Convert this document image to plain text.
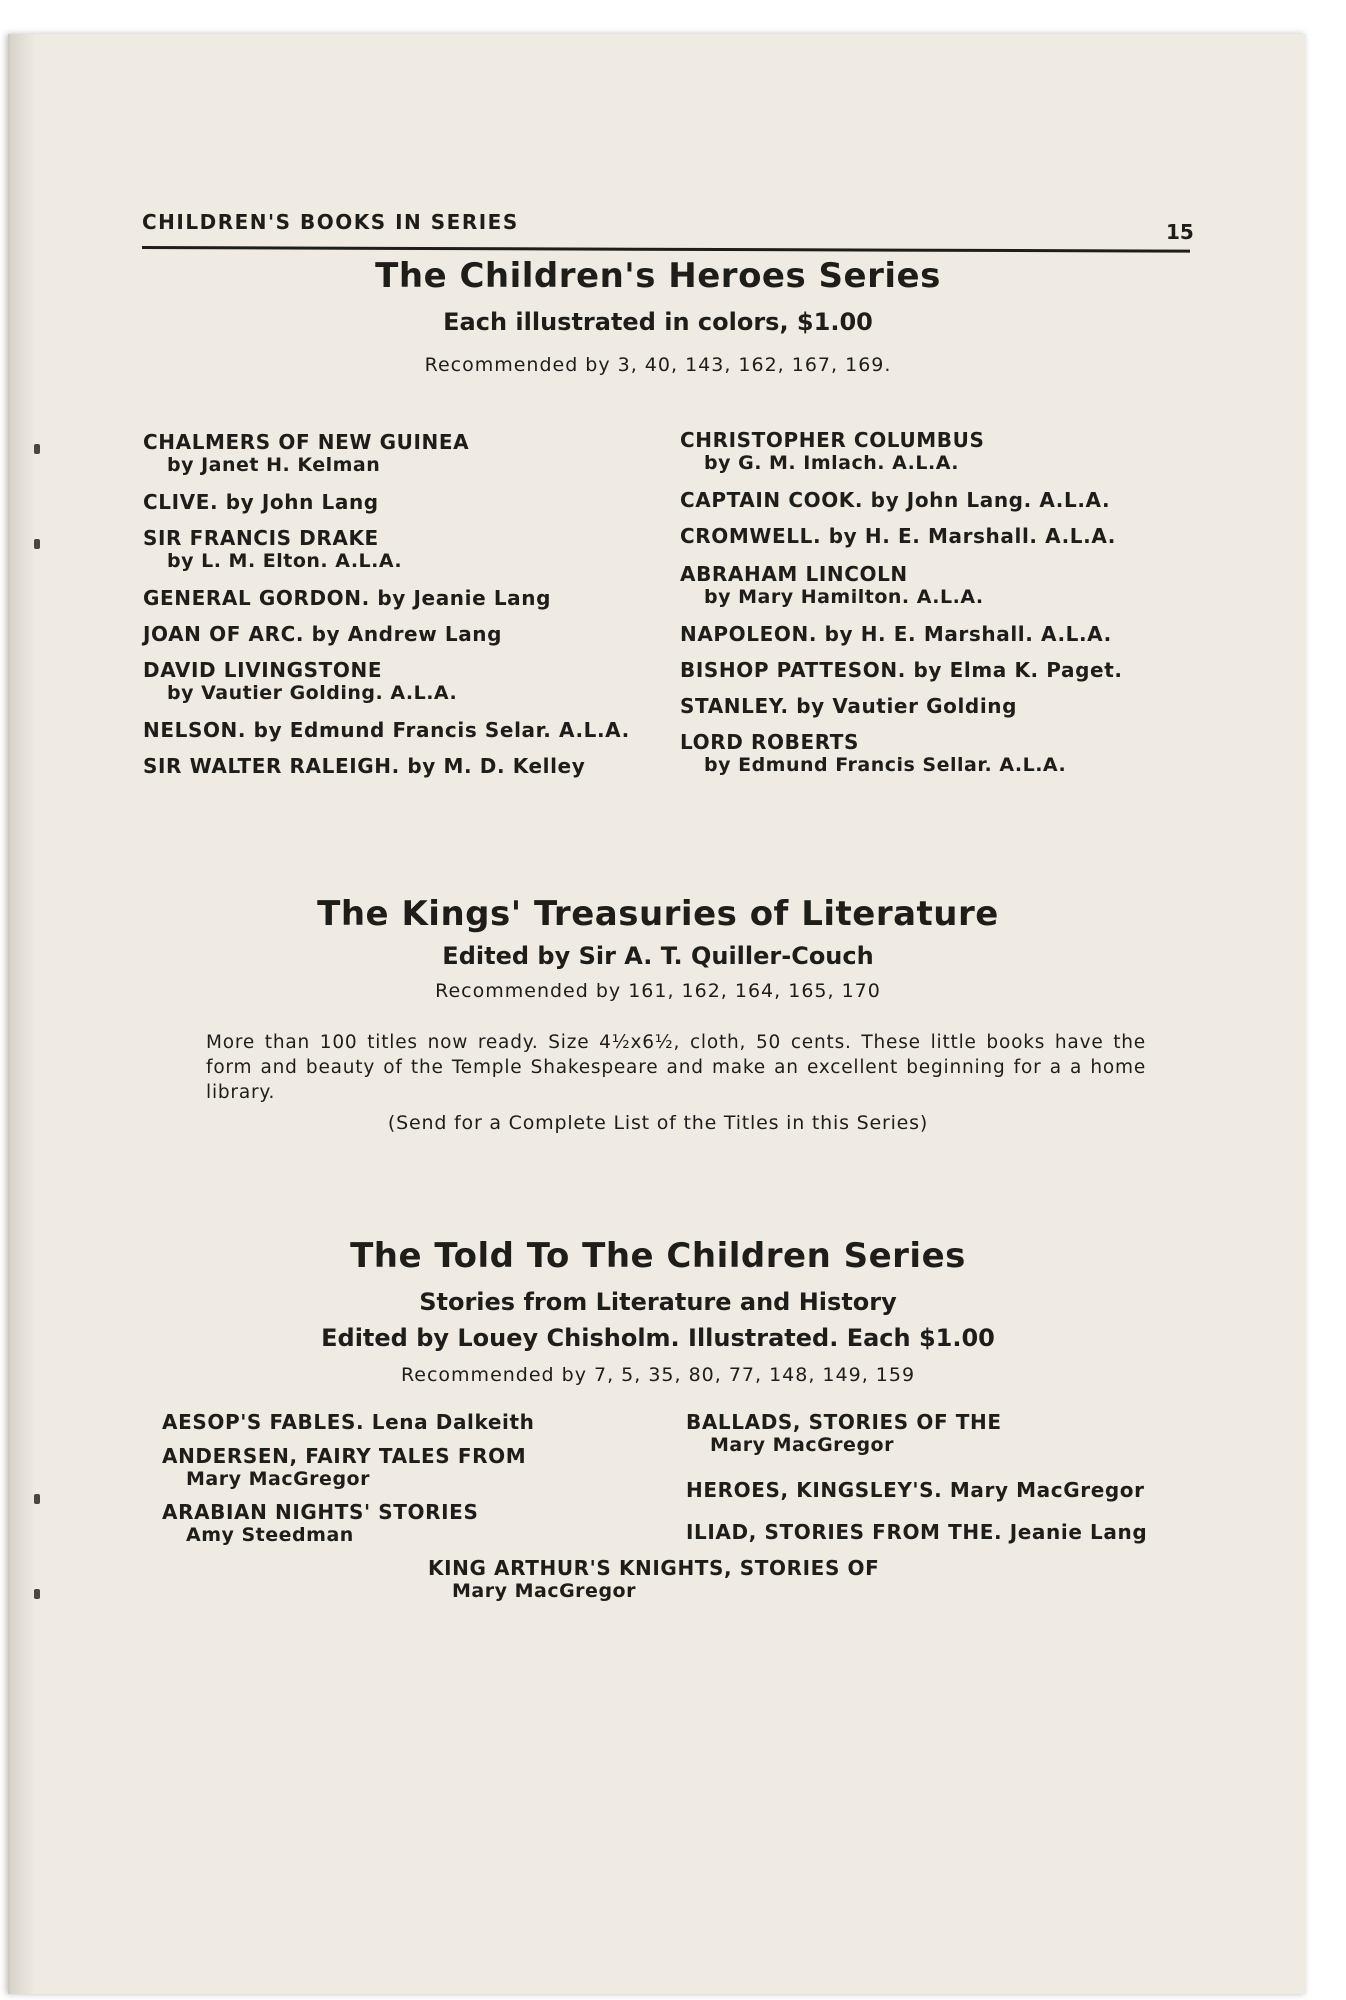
CHILDREN'S BOOKS IN SERIES	15
The Children's Heroes Series
Each illustrated in colors, $1.00
Recommended by 3, 40, 143, 162, 167, 169.
CHALMERS OF NEW GUINEA
by Janet H. Kelman
CLIVE. by John Lang
SIR FRANCIS DRAKE
by L. M. Elton. A.L.A.
GENERAL GORDON. by Jeanie Lang
JOAN OF ARC. by Andrew Lang
DAVID LIVINGSTONE
by Vautier Golding. A.L.A.
NELSON. by Edmund Francis Selar. A.L.A.
SIR WALTER RALEIGH. by M. D. Kelley
CHRISTOPHER COLUMBUS
by G. M. Imlach. A.L.A.
CAPTAIN COOK. by John Lang. A.L.A.
CROMWELL. by H. E. Marshall. A.L.A.
ABRAHAM LINCOLN
by Mary Hamilton. A.L.A.
NAPOLEON. by H. E. Marshall. A.L.A.
BISHOP PATTESON. by Elma K. Paget.
STANLEY. by Vautier Golding
LORD ROBERTS
by Edmund Francis Sellar. A.L.A.
The Kings' Treasuries of Literature
Edited by Sir A. T. Quiller-Couch
Recommended by 161, 162, 164, 165, 170
More than 100 titles now ready. Size 4½x6½, cloth, 50 cents. These little books have the form and beauty of the Temple Shakespeare and make an excellent beginning for a a home library.
(Send for a Complete List of the Titles in this Series)
The Told To The Children Series
Stories from Literature and History
Edited by Louey Chisholm. Illustrated. Each $1.00
Recommended by 7, 5, 35, 80, 77, 148, 149, 159
AESOP'S FABLES. Lena Dalkeith
ANDERSEN, FAIRY TALES FROM
Mary MacGregor
ARABIAN NIGHTS' STORIES
Amy Steedman
BALLADS, STORIES OF THE
Mary MacGregor
HEROES, KINGSLEY'S. Mary MacGregor
ILIAD, STORIES FROM THE. Jeanie Lang
KING ARTHUR'S KNIGHTS, STORIES OF
Mary MacGregor
